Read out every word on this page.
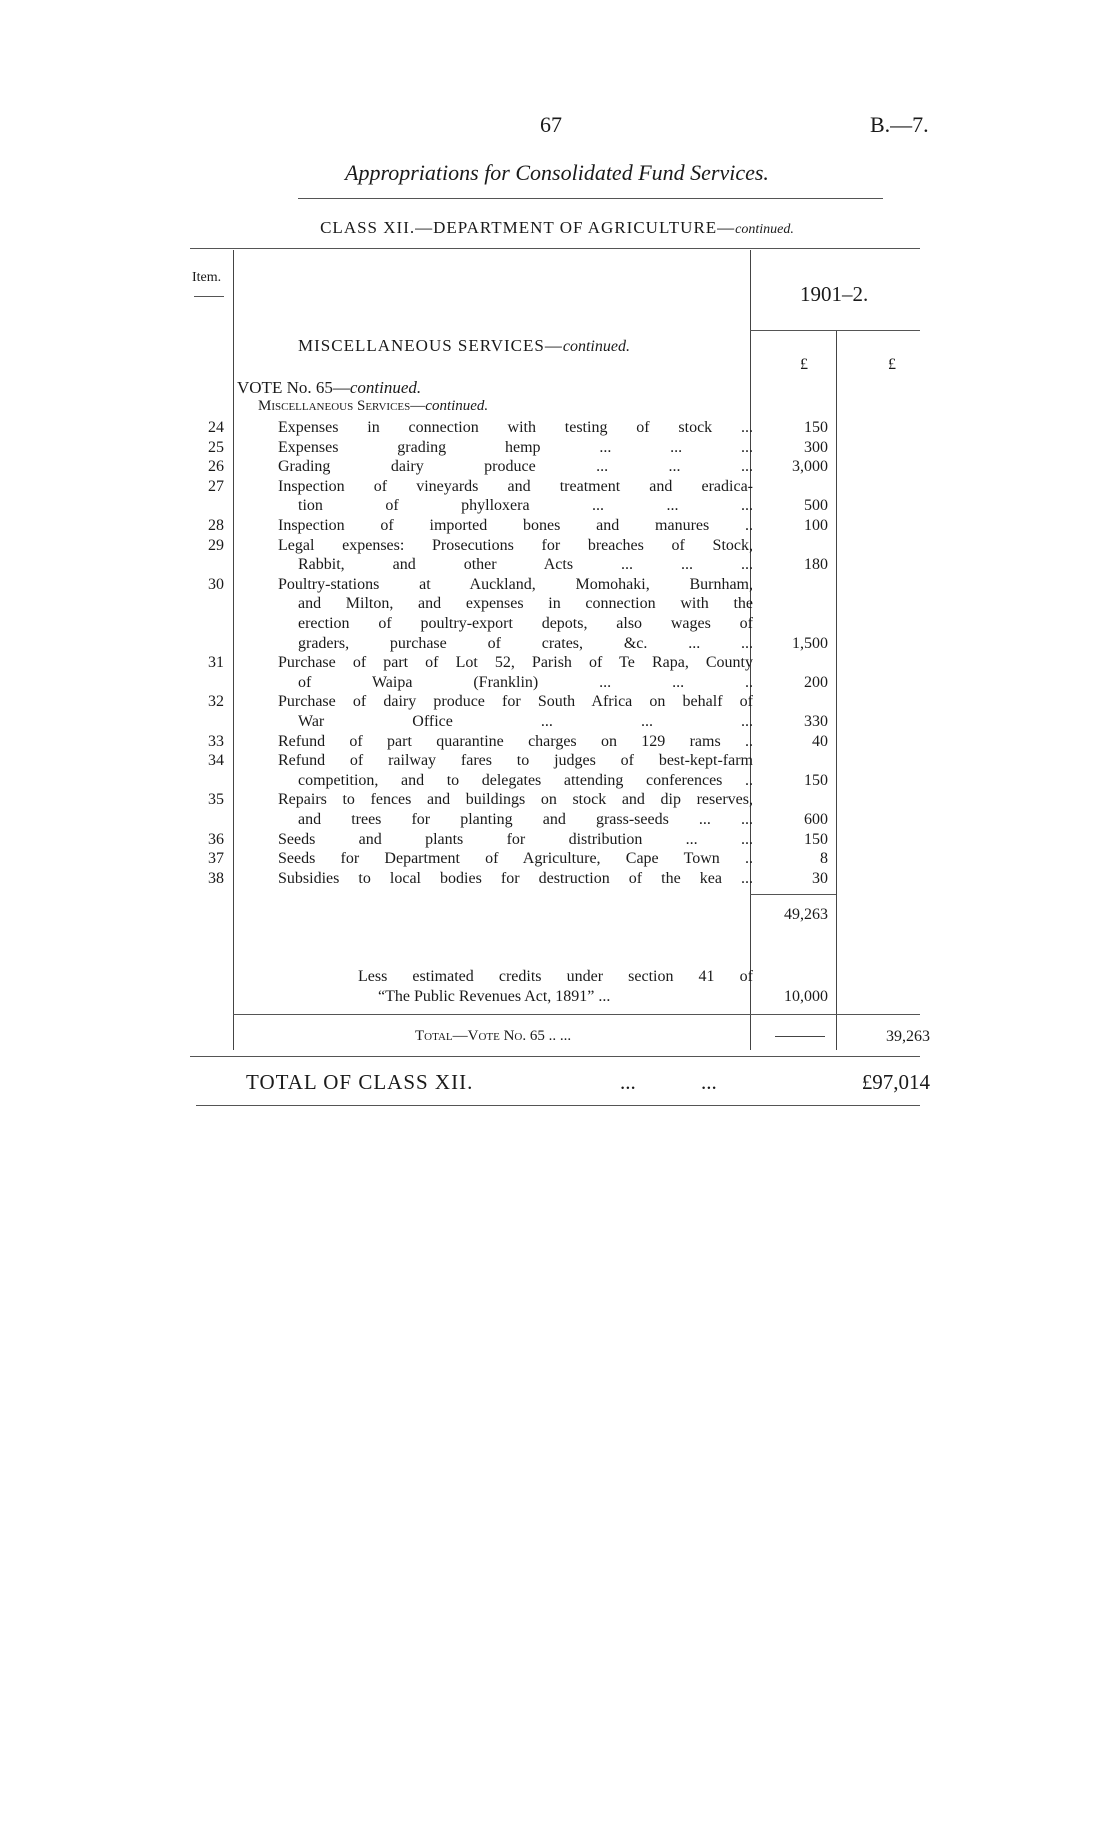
67	B.—7.
Appropriations for Consolidated Fund Services.
CLASS XII.—DEPARTMENT OF AGRICULTURE—continued.
Item.
1901–2.
MISCELLANEOUS SERVICES—continued.
£	£
VOTE No. 65—continued.
Miscellaneous Services—continued.
24	Expenses in connection with testing of stock ...	150
25	Expenses grading hemp ... ... ...	300
26	Grading dairy produce ... ... ...	3,000
27	Inspection of vineyards and treatment and eradica-
tion of phylloxera ... ... ...	500
28	Inspection of imported bones and manures ..	100
29	Legal expenses: Prosecutions for breaches of Stock,
Rabbit, and other Acts ... ... ...	180
30	Poultry-stations at Auckland, Momohaki, Burnham,
and Milton, and expenses in connection with the
erection of poultry-export depots, also wages of
graders, purchase of crates, &c. ... ...	1,500
31	Purchase of part of Lot 52, Parish of Te Rapa, County
of Waipa (Franklin) ... ... ..	200
32	Purchase of dairy produce for South Africa on behalf of
War Office ... ... ...	330
33	Refund of part quarantine charges on 129 rams ..	40
34	Refund of railway fares to judges of best-kept-farm
competition, and to delegates attending conferences ..	150
35	Repairs to fences and buildings on stock and dip reserves,
and trees for planting and grass-seeds ... ...	600
36	Seeds and plants for distribution ... ...	150
37	Seeds for Department of Agriculture, Cape Town ..	8
38	Subsidies to local bodies for destruction of the kea ...	30
49,263
Less estimated credits under section 41 of
“The Public Revenues Act, 1891” ...	10,000
Total—Vote No. 65 .. ...	39,263
TOTAL OF CLASS XII.	... ...	£97,014
